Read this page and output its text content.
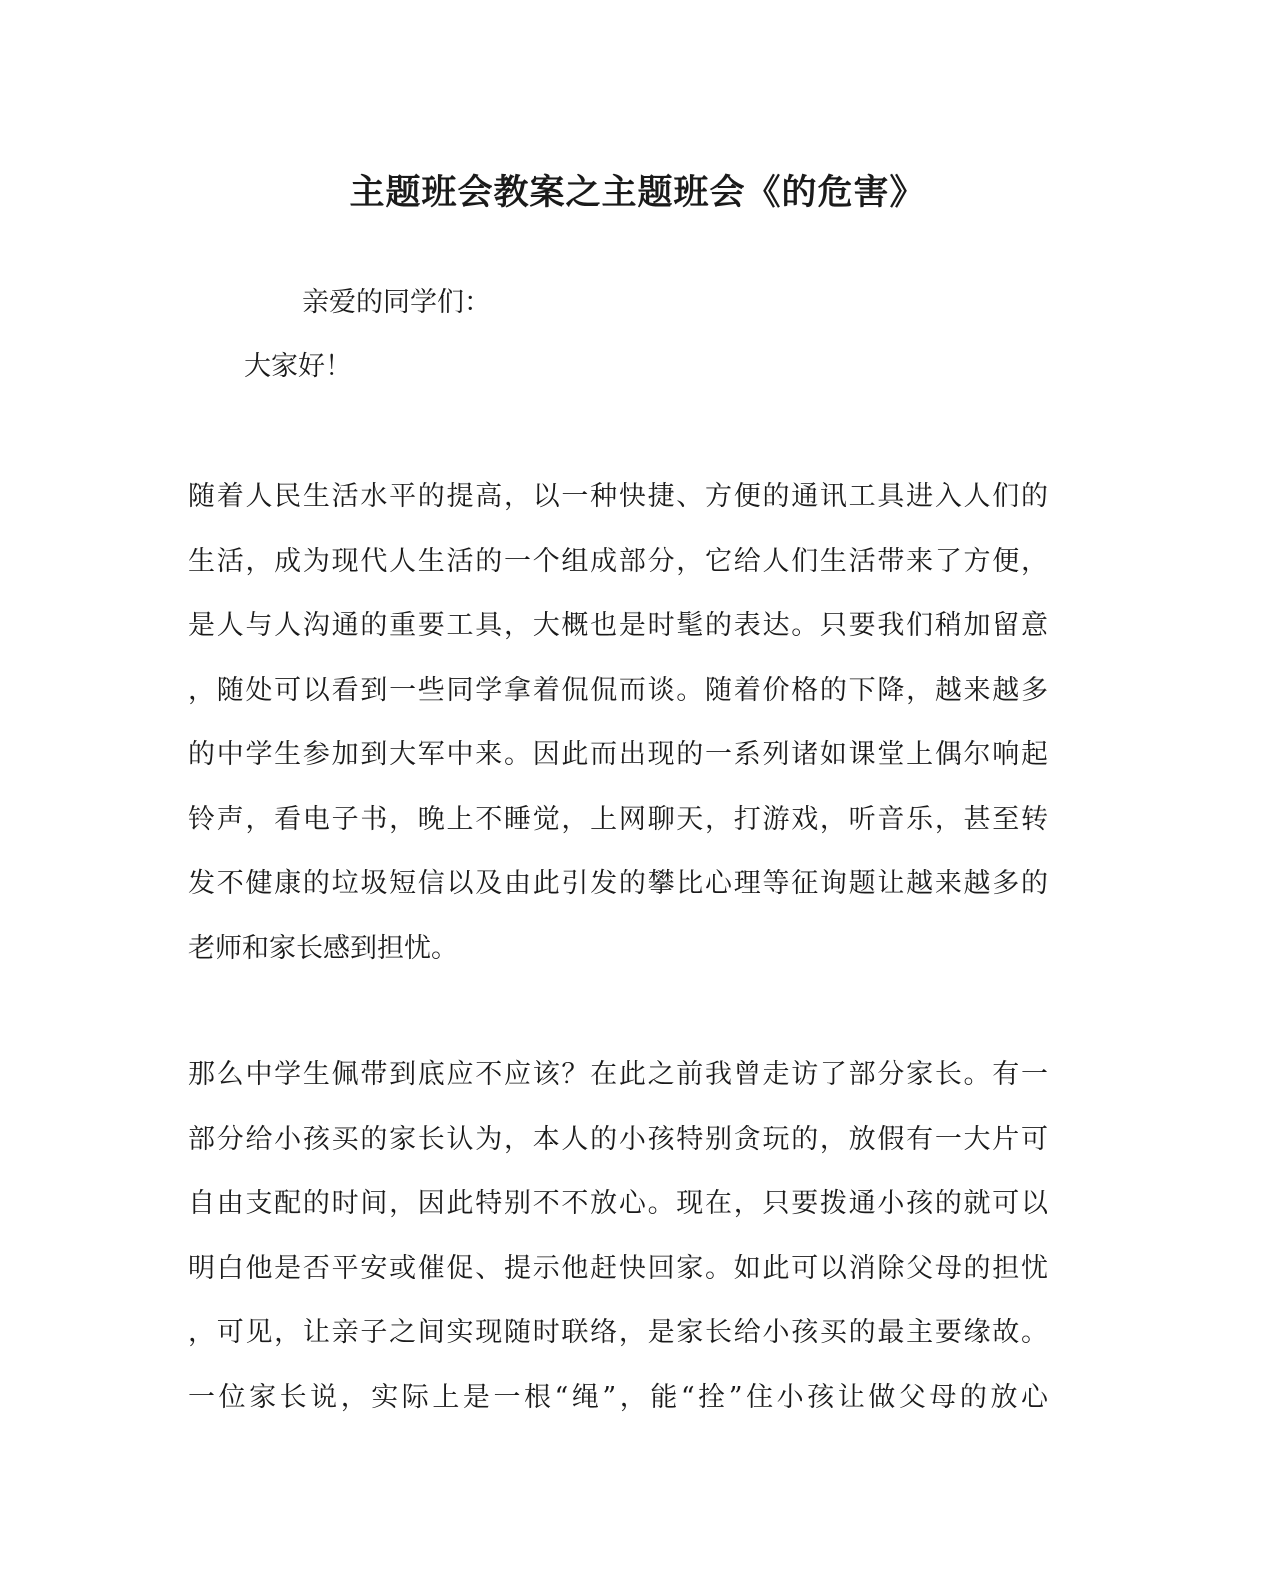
主题班会教案之主题班会《的危害》

亲爱的同学们：

大家好！

随着人民生活水平的提高，以一种快捷、方便的通讯工具进入人们的
生活，成为现代人生活的一个组成部分，它给人们生活带来了方便，
是人与人沟通的重要工具，大概也是时髦的表达。只要我们稍加留意
，随处可以看到一些同学拿着侃侃而谈。随着价格的下降，越来越多
的中学生参加到大军中来。因此而出现的一系列诸如课堂上偶尔响起
铃声，看电子书，晚上不睡觉，上网聊天，打游戏，听音乐，甚至转
发不健康的垃圾短信以及由此引发的攀比心理等征询题让越来越多的
老师和家长感到担忧。
那么中学生佩带到底应不应该？在此之前我曾走访了部分家长。有一
部分给小孩买的家长认为，本人的小孩特别贪玩的，放假有一大片可
自由支配的时间，因此特别不不放心。现在，只要拨通小孩的就可以
明白他是否平安或催促、提示他赶快回家。如此可以消除父母的担忧
，可见，让亲子之间实现随时联络，是家长给小孩买的最主要缘故。
一位家长说，实际上是一根“绳”，能“拴”住小孩让做父母的放心
